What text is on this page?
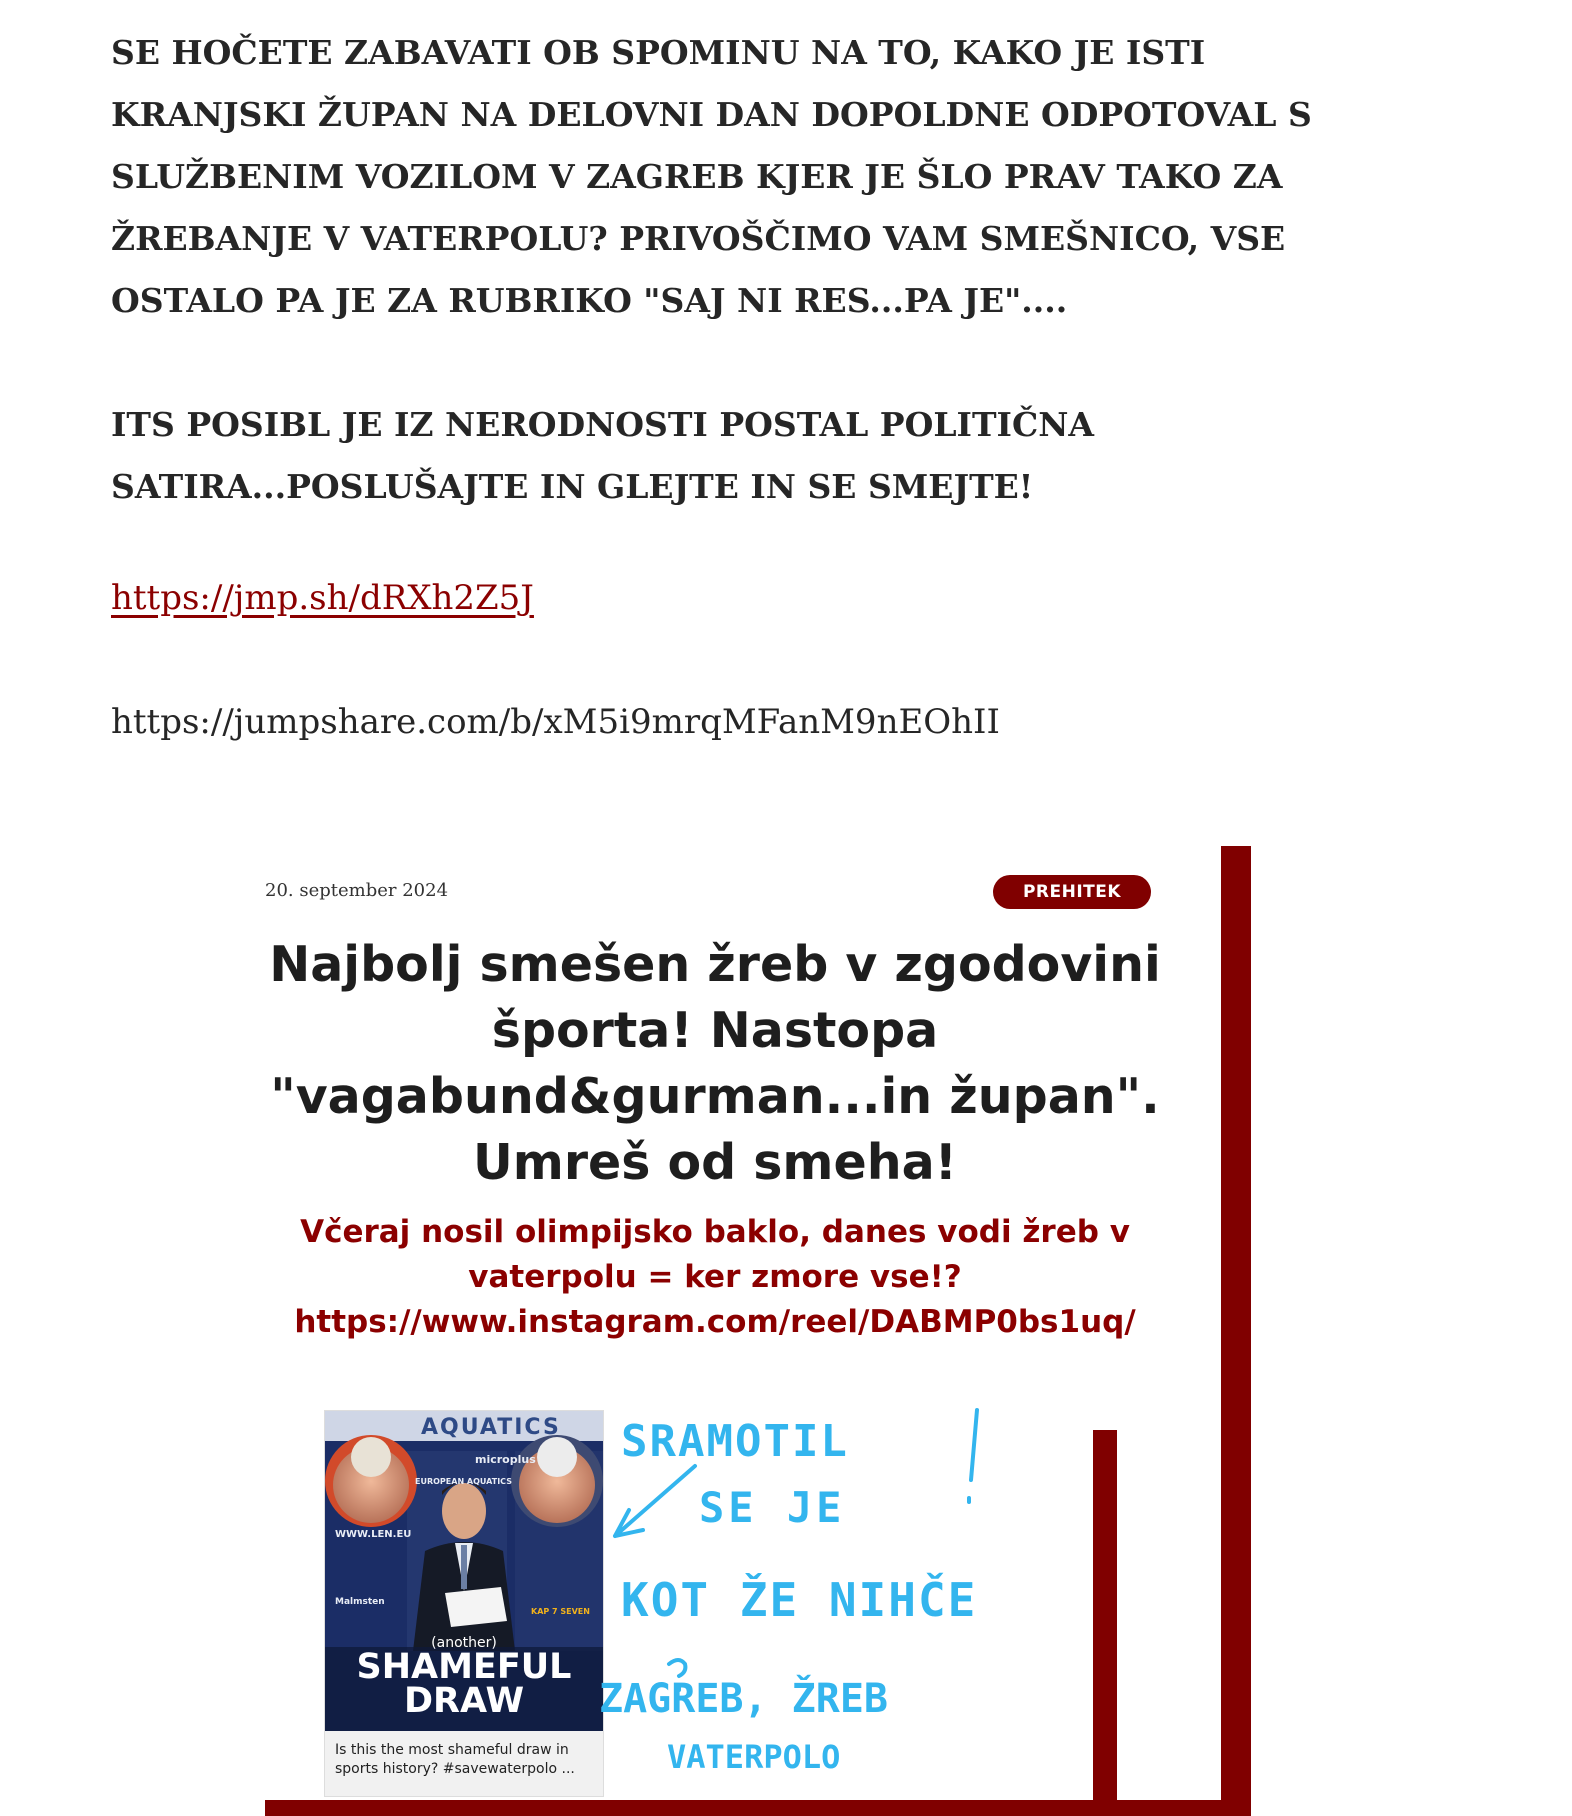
SE HOČETE ZABAVATI OB SPOMINU NA TO, KAKO JE ISTI KRANJSKI ŽUPAN NA DELOVNI DAN DOPOLDNE ODPOTOVAL S SLUŽBENIM VOZILOM V ZAGREB KJER JE ŠLO PRAV TAKO ZA ŽREBANJE V VATERPOLU? PRIVOŠČIMO VAM SMEŠNICO, VSE OSTALO PA JE ZA RUBRIKO "SAJ NI RES...PA JE"....

ITS POSIBL JE IZ NERODNOSTI POSTAL POLITIČNA SATIRA...POSLUŠAJTE IN GLEJTE IN SE SMEJTE!

https://jmp.sh/dRXh2Z5J
https://jumpshare.com/b/xM5i9mrqMFanM9nEOhII
20. september 2024	PREHITEK
Najbolj smešen žreb v zgodovini športa! Nastopa "vagabund&gurman...in župan". Umreš od smeha!

Včeraj nosil olimpijsko baklo, danes vodi žreb v vaterpolu = ker zmore vse!?https://www.instagram.com/reel/DABMP0bs1uq/

AQUATICS
microplus
EUROPEAN AQUATICS
WWW.LEN.EU
Malmsten
KAP 7 SEVEN
(another)
SHAMEFUL
DRAW

Is this the most shameful draw in sports history? #savewaterpolo ...

SRAMOTIL
SE JE
KOT ŽE NIHČE
ZAGREB, ŽREB
VATERPOLO
